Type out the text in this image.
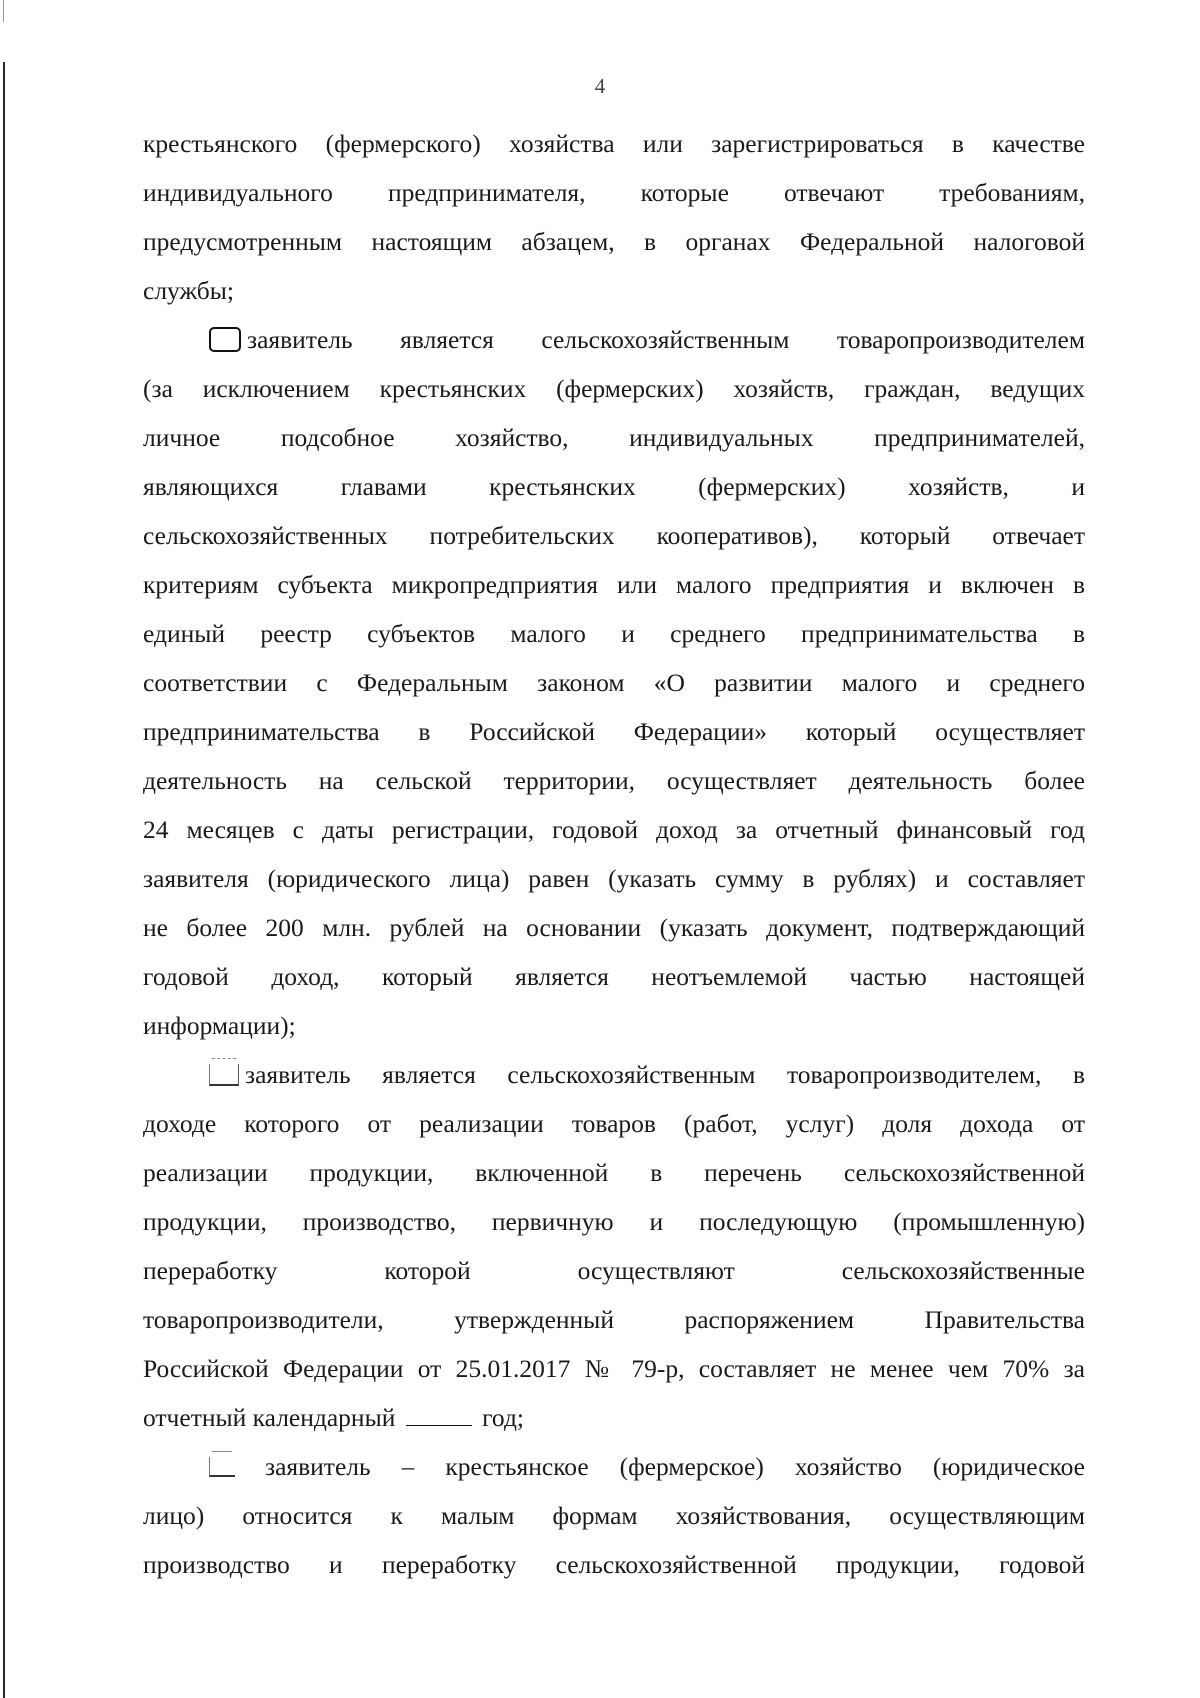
4
крестьянского (фермерского) хозяйства или зарегистрироваться в качестве
индивидуального предпринимателя, которые отвечают требованиям,
предусмотренным настоящим абзацем, в органах Федеральной налоговой
службы;
заявитель является сельскохозяйственным товаропроизводителем
(за исключением крестьянских (фермерских) хозяйств, граждан, ведущих
личное подсобное хозяйство, индивидуальных предпринимателей,
являющихся главами крестьянских (фермерских) хозяйств, и
сельскохозяйственных потребительских кооперативов), который отвечает
критериям субъекта микропредприятия или малого предприятия и включен в
единый реестр субъектов малого и среднего предпринимательства в
соответствии с Федеральным законом «О развитии малого и среднего
предпринимательства в Российской Федерации» который осуществляет
деятельность на сельской территории, осуществляет деятельность более
24 месяцев с даты регистрации, годовой доход за отчетный финансовый год
заявителя (юридического лица) равен (указать сумму в рублях) и составляет
не более 200 млн. рублей на основании (указать документ, подтверждающий
годовой доход, который является неотъемлемой частью настоящей
информации);
заявитель является сельскохозяйственным товаропроизводителем, в
доходе которого от реализации товаров (работ, услуг) доля дохода от
реализации продукции, включенной в перечень сельскохозяйственной
продукции, производство, первичную и последующую (промышленную)
переработку которой осуществляют сельскохозяйственные
товаропроизводители, утвержденный распоряжением Правительства
Российской Федерации от 25.01.2017 № 79-р, составляет не менее чем 70% за
отчетный календарный	год;
заявитель – крестьянское (фермерское) хозяйство (юридическое
лицо) относится к малым формам хозяйствования, осуществляющим
производство и переработку сельскохозяйственной продукции, годовой
